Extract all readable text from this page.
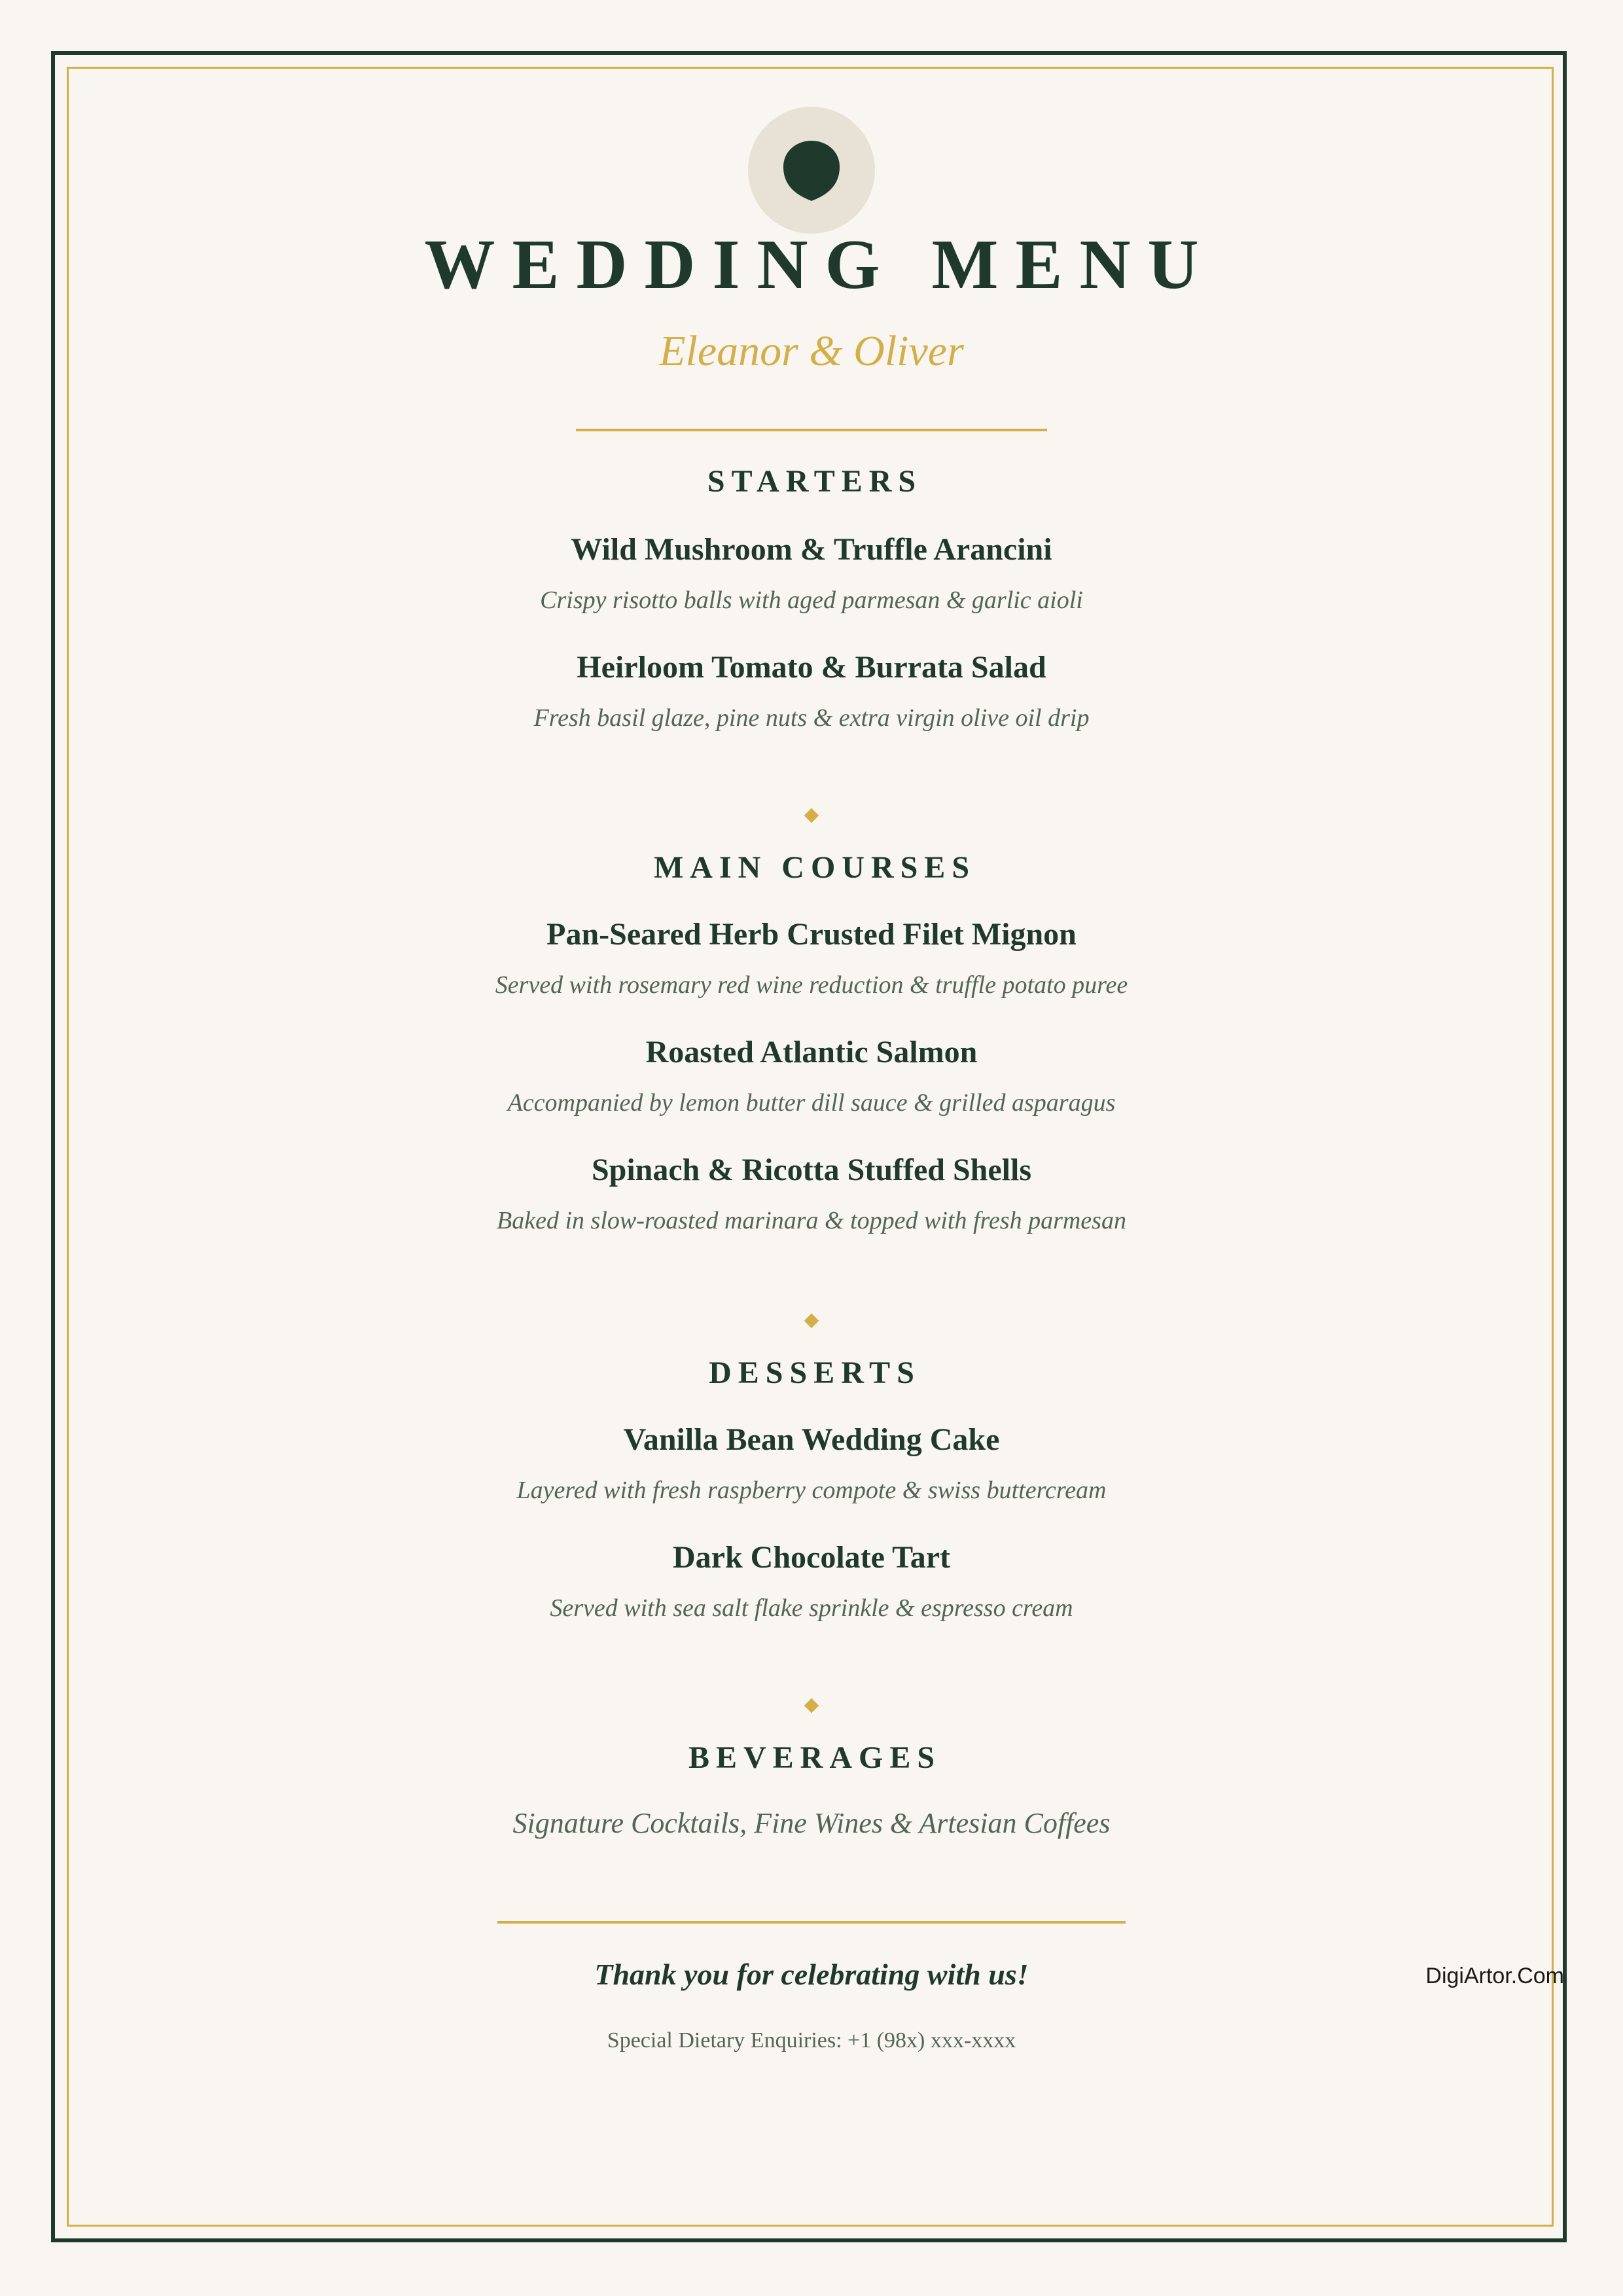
WEDDING MENU
Eleanor & Oliver
STARTERS
Wild Mushroom & Truffle Arancini
Crispy risotto balls with aged parmesan & garlic aioli
Heirloom Tomato & Burrata Salad
Fresh basil glaze, pine nuts & extra virgin olive oil drip
MAIN COURSES
Pan-Seared Herb Crusted Filet Mignon
Served with rosemary red wine reduction & truffle potato puree
Roasted Atlantic Salmon
Accompanied by lemon butter dill sauce & grilled asparagus
Spinach & Ricotta Stuffed Shells
Baked in slow-roasted marinara & topped with fresh parmesan
DESSERTS
Vanilla Bean Wedding Cake
Layered with fresh raspberry compote & swiss buttercream
Dark Chocolate Tart
Served with sea salt flake sprinkle & espresso cream
BEVERAGES
Signature Cocktails, Fine Wines & Artesian Coffees
Thank you for celebrating with us!
Special Dietary Enquiries: +1 (98x) xxx-xxxx
DigiArtor.Com
